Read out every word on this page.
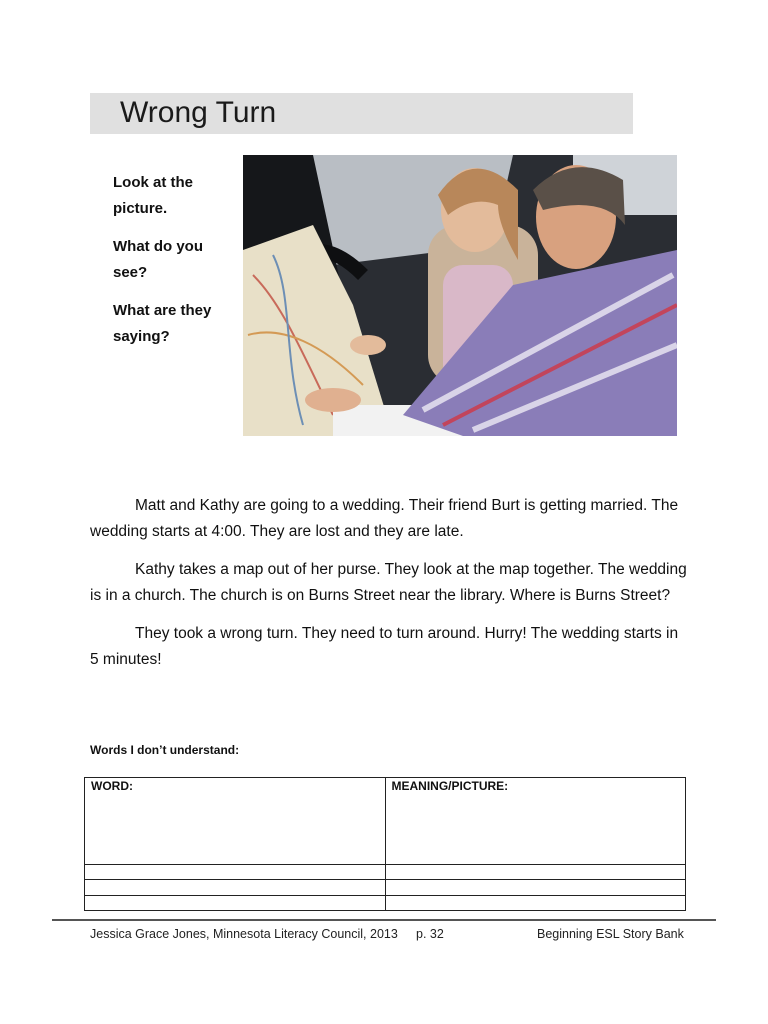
Wrong Turn

Look at the picture.

What do you see?

What are they saying?

Matt and Kathy are going to a wedding. Their friend Burt is getting married. The wedding starts at 4:00. They are lost and they are late.

Kathy takes a map out of her purse. They look at the map together. The wedding is in a church. The church is on Burns Street near the library. Where is Burns Street?

They took a wrong turn. They need to turn around. Hurry! The wedding starts in 5 minutes!

Words I don’t understand:
WORD:	MEANING/PICTURE:

Jessica Grace Jones, Minnesota Literacy Council, 2013 p. 32	Beginning ESL Story Bank
